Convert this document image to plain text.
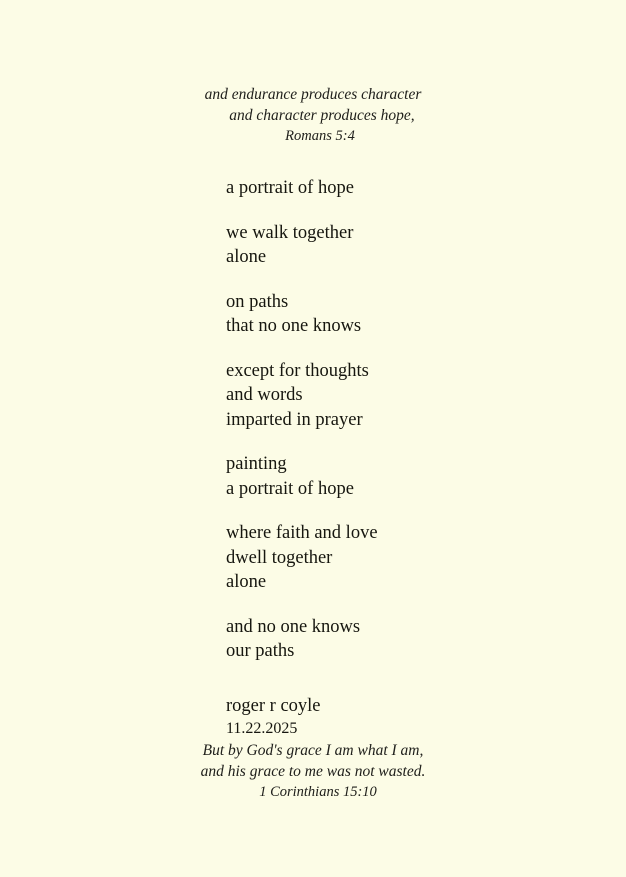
and endurance produces character
and character produces hope,
Romans 5:4
a portrait of hope
we walk together
alone
on paths
that no one knows
except for thoughts
and words
imparted in prayer
painting
a portrait of hope
where faith and love
dwell together
alone
and no one knows
our paths
roger r coyle
11.22.2025
But by God's grace I am what I am,
and his grace to me was not wasted.
1 Corinthians 15:10
